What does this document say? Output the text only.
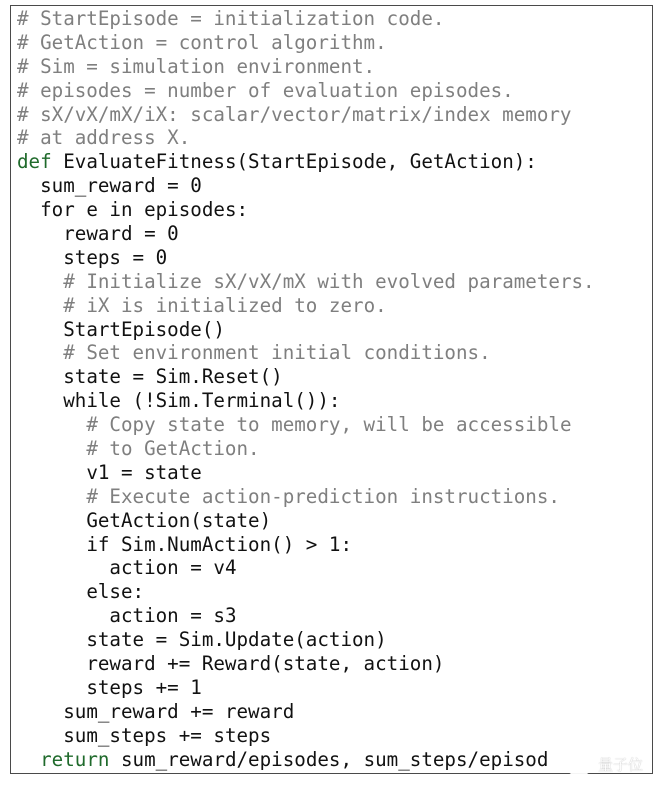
# StartEpisode = initialization code.
# GetAction = control algorithm.
# Sim = simulation environment.
# episodes = number of evaluation episodes.
# sX/vX/mX/iX: scalar/vector/matrix/index memory
# at address X.
def EvaluateFitness(StartEpisode, GetAction):
sum_reward = 0
for e in episodes:
reward = 0
steps = 0
# Initialize sX/vX/mX with evolved parameters.
# iX is initialized to zero.
StartEpisode()
# Set environment initial conditions.
state = Sim.Reset()
while (!Sim.Terminal()):
# Copy state to memory, will be accessible
# to GetAction.
v1 = state
# Execute action-prediction instructions.
GetAction(state)
if Sim.NumAction() > 1:
action = v4
else:
action = s3
state = Sim.Update(action)
reward += Reward(state, action)
steps += 1
sum_reward += reward
sum_steps += steps
return sum_reward/episodes, sum_steps/episod	量子位
